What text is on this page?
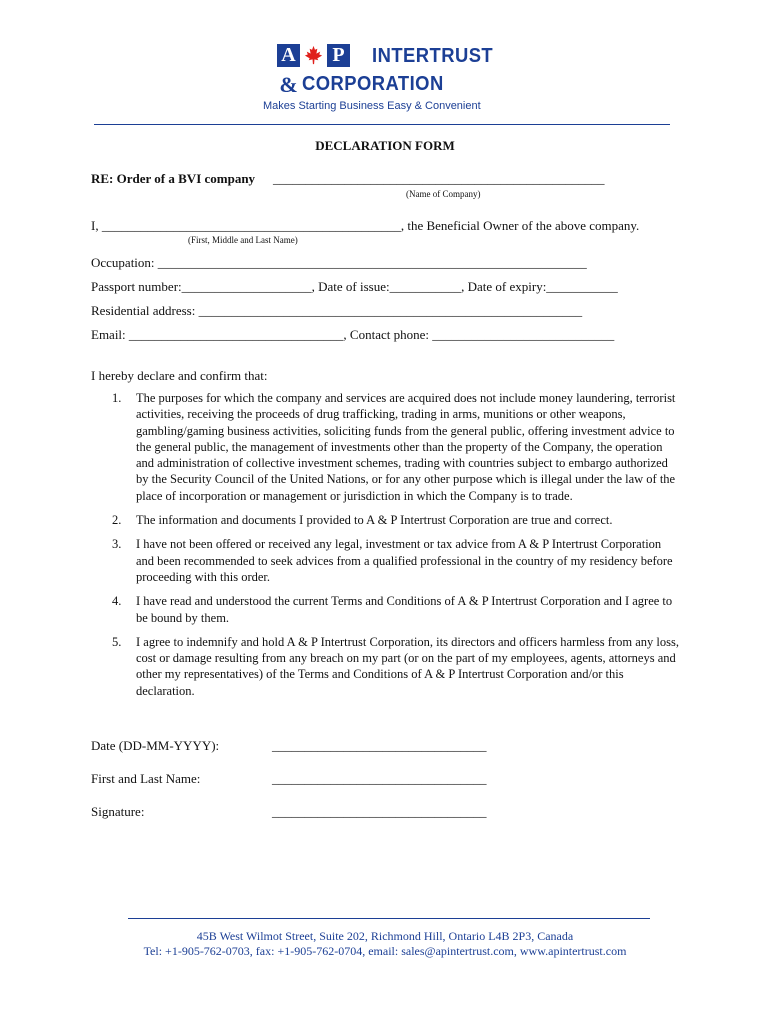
A P INTERTRUST
& CORPORATION
Makes Starting Business Easy & Convenient
DECLARATION FORM
RE: Order of a BVI company ___________________________________________________
(Name of Company)
I, ______________________________________________, the Beneficial Owner of the above company.
(First, Middle and Last Name)
Occupation: __________________________________________________________________
Passport number:____________________, Date of issue:___________, Date of expiry:___________
Residential address: ___________________________________________________________
Email: _________________________________, Contact phone: ____________________________
I hereby declare and confirm that:
1.	The purposes for which the company and services are acquired does not include money laundering, terrorist activities, receiving the proceeds of drug trafficking, trading in arms, munitions or other weapons, gambling/gaming business activities, soliciting funds from the general public, offering investment advice to the general public, the management of investments other than the property of the Company, the operation and administration of collective investment schemes, trading with countries subject to embargo authorized by the Security Council of the United Nations, or for any other purpose which is illegal under the law of the place of incorporation or management or jurisdiction in which the Company is to trade.
2.	The information and documents I provided to A & P Intertrust Corporation are true and correct.
3.	I have not been offered or received any legal, investment or tax advice from A & P Intertrust Corporation and been recommended to seek advices from a qualified professional in the country of my residency before proceeding with this order.
4.	I have read and understood the current Terms and Conditions of A & P Intertrust Corporation and I agree to be bound by them.
5.	I agree to indemnify and hold A & P Intertrust Corporation, its directors and officers harmless from any loss, cost or damage resulting from any breach on my part (or on the part of my employees, agents, attorneys and other my representatives) of the Terms and Conditions of A & P Intertrust Corporation and/or this declaration.
Date (DD-MM-YYYY):	_________________________________
First and Last Name:	_________________________________
Signature:	_________________________________
45B West Wilmot Street, Suite 202, Richmond Hill, Ontario L4B 2P3, Canada
Tel: +1-905-762-0703, fax: +1-905-762-0704, email: sales@apintertrust.com, www.apintertrust.com
